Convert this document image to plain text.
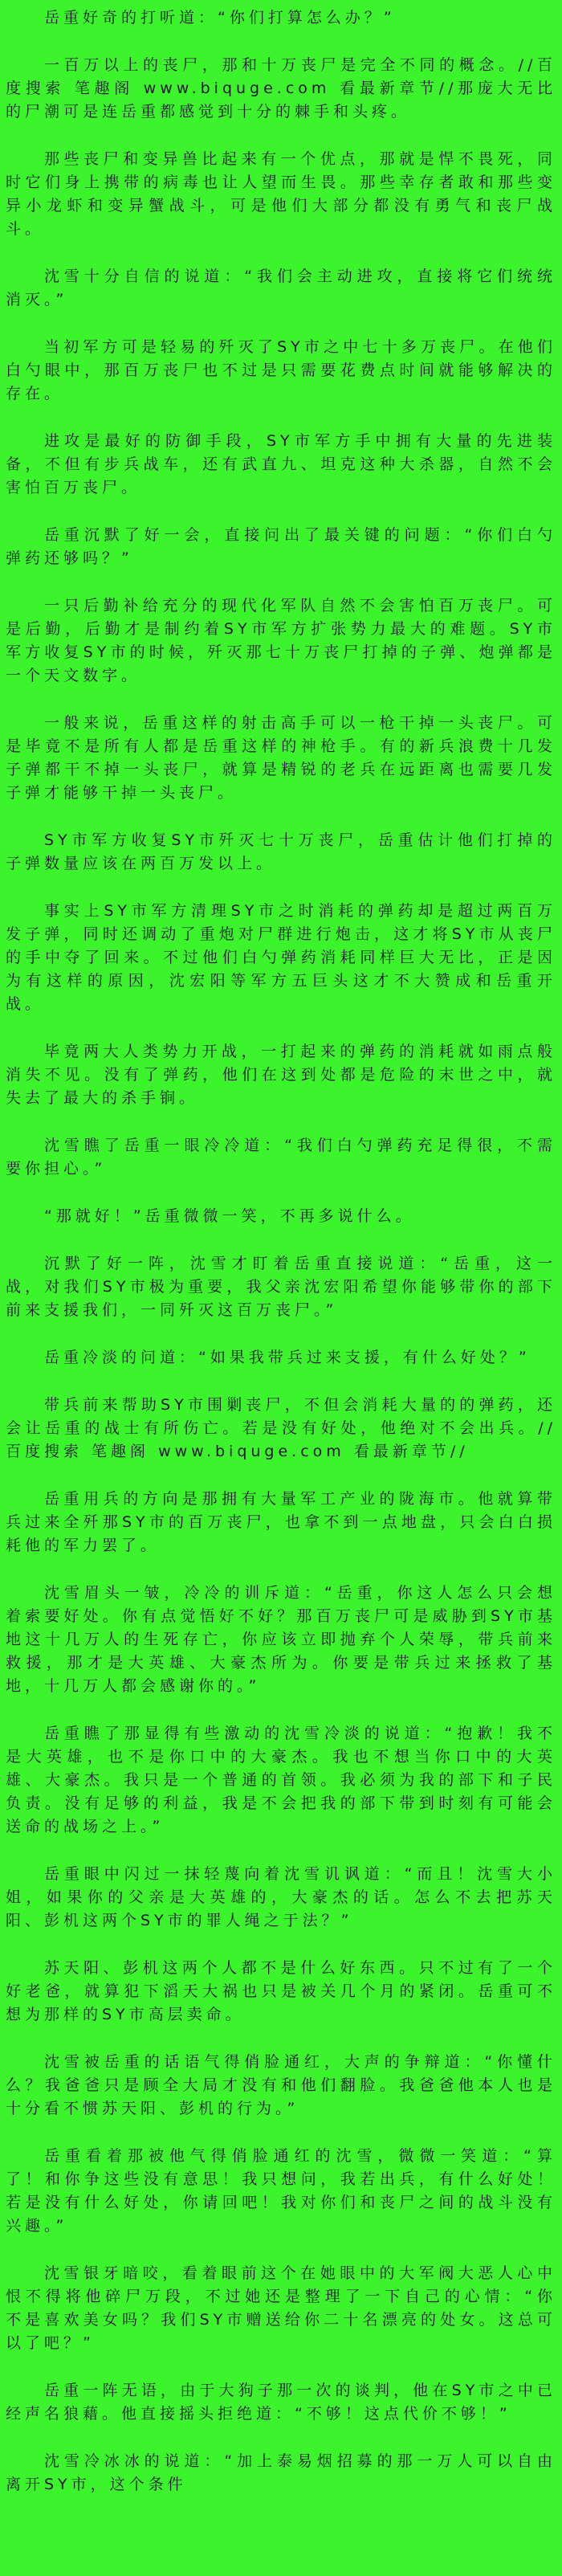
岳重好奇的打听道：“你们打算怎么办？”

一百万以上的丧尸，那和十万丧尸是完全不同的概念。//百度搜索 笔趣阁 www.biquge.com 看最新章节//那庞大无比的尸潮可是连岳重都感觉到十分的棘手和头疼。

那些丧尸和变异兽比起来有一个优点，那就是悍不畏死，同时它们身上携带的病毒也让人望而生畏。那些幸存者敢和那些变异小龙虾和变异蟹战斗，可是他们大部分都没有勇气和丧尸战斗。

沈雪十分自信的说道：“我们会主动进攻，直接将它们统统消灭。”

当初军方可是轻易的歼灭了SY市之中七十多万丧尸。在他们白勺眼中，那百万丧尸也不过是只需要花费点时间就能够解决的存在。

进攻是最好的防御手段，SY市军方手中拥有大量的先进装备，不但有步兵战车，还有武直九、坦克这种大杀器，自然不会害怕百万丧尸。

岳重沉默了好一会，直接问出了最关键的问题：“你们白勺弹药还够吗？”

一只后勤补给充分的现代化军队自然不会害怕百万丧尸。可是后勤，后勤才是制约着SY市军方扩张势力最大的难题。SY市军方收复SY市的时候，歼灭那七十万丧尸打掉的子弹、炮弹都是一个天文数字。

一般来说，岳重这样的射击高手可以一枪干掉一头丧尸。可是毕竟不是所有人都是岳重这样的神枪手。有的新兵浪费十几发子弹都干不掉一头丧尸，就算是精锐的老兵在远距离也需要几发子弹才能够干掉一头丧尸。

SY市军方收复SY市歼灭七十万丧尸，岳重估计他们打掉的子弹数量应该在两百万发以上。

事实上SY市军方清理SY市之时消耗的弹药却是超过两百万发子弹，同时还调动了重炮对尸群进行炮击，这才将SY市从丧尸的手中夺了回来。不过他们白勺弹药消耗同样巨大无比，正是因为有这样的原因，沈宏阳等军方五巨头这才不大赞成和岳重开战。

毕竟两大人类势力开战，一打起来的弹药的消耗就如雨点般消失不见。没有了弹药，他们在这到处都是危险的末世之中，就失去了最大的杀手锏。

沈雪瞧了岳重一眼冷冷道：“我们白勺弹药充足得很，不需要你担心。”

“那就好！”岳重微微一笑，不再多说什么。

沉默了好一阵，沈雪才盯着岳重直接说道：“岳重，这一战，对我们SY市极为重要，我父亲沈宏阳希望你能够带你的部下前来支援我们，一同歼灭这百万丧尸。”

岳重冷淡的问道：“如果我带兵过来支援，有什么好处？”

带兵前来帮助SY市围剿丧尸，不但会消耗大量的的弹药，还会让岳重的战士有所伤亡。若是没有好处，他绝对不会出兵。//百度搜索 笔趣阁 www.biquge.com 看最新章节//

岳重用兵的方向是那拥有大量军工产业的陇海市。他就算带兵过来全歼那SY市的百万丧尸，也拿不到一点地盘，只会白白损耗他的军力罢了。

沈雪眉头一皱，冷冷的训斥道：“岳重，你这人怎么只会想着索要好处。你有点觉悟好不好？那百万丧尸可是威胁到SY市基地这十几万人的生死存亡，你应该立即抛弃个人荣辱，带兵前来救援，那才是大英雄、大豪杰所为。你要是带兵过来拯救了基地，十几万人都会感谢你的。”

岳重瞧了那显得有些激动的沈雪冷淡的说道：“抱歉！我不是大英雄，也不是你口中的大豪杰。我也不想当你口中的大英雄、大豪杰。我只是一个普通的首领。我必须为我的部下和子民负责。没有足够的利益，我是不会把我的部下带到时刻有可能会送命的战场之上。”

岳重眼中闪过一抹轻蔑向着沈雪讥讽道：“而且！沈雪大小姐，如果你的父亲是大英雄的，大豪杰的话。怎么不去把苏天阳、彭机这两个SY市的罪人绳之于法？”

苏天阳、彭机这两个人都不是什么好东西。只不过有了一个好老爸，就算犯下滔天大祸也只是被关几个月的紧闭。岳重可不想为那样的SY市高层卖命。

沈雪被岳重的话语气得俏脸通红，大声的争辩道：“你懂什么？我爸爸只是顾全大局才没有和他们翻脸。我爸爸他本人也是十分看不惯苏天阳、彭机的行为。”

岳重看着那被他气得俏脸通红的沈雪，微微一笑道：“算了！和你争这些没有意思！我只想问，我若出兵，有什么好处！若是没有什么好处，你请回吧！我对你们和丧尸之间的战斗没有兴趣。”

沈雪银牙暗咬，看着眼前这个在她眼中的大军阀大恶人心中恨不得将他碎尸万段，不过她还是整理了一下自己的心情：“你不是喜欢美女吗？我们SY市赠送给你二十名漂亮的处女。这总可以了吧？”

岳重一阵无语，由于大狗子那一次的谈判，他在SY市之中已经声名狼藉。他直接摇头拒绝道：“不够！这点代价不够！”

沈雪冷冰冰的说道：“加上泰易烟招募的那一万人可以自由离开SY市，这个条件
